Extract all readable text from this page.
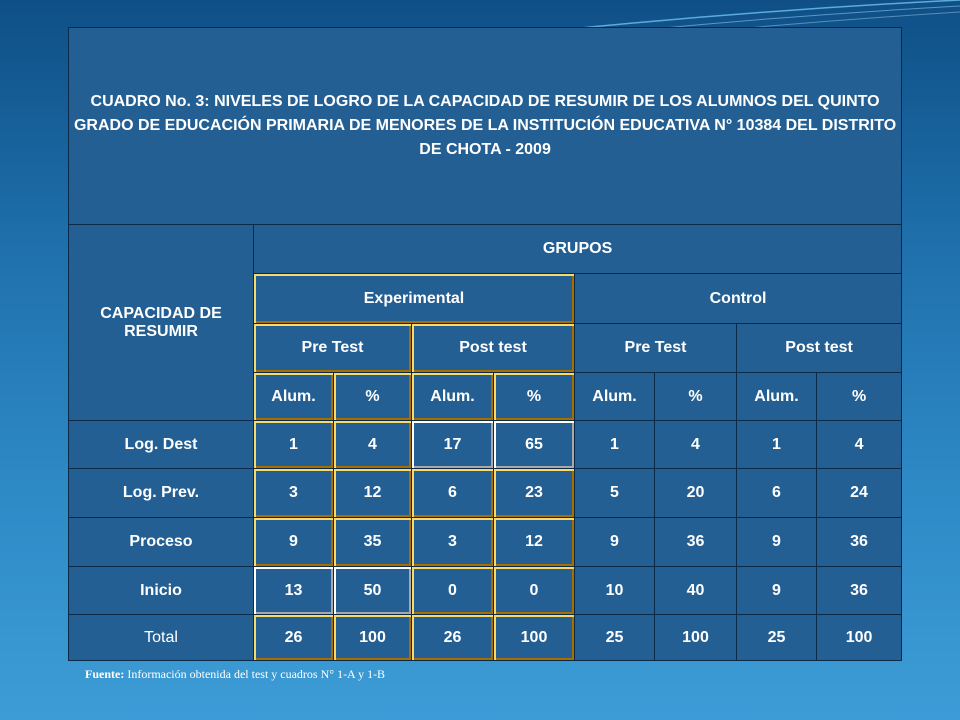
CUADRO No. 3: NIVELES DE LOGRO DE LA CAPACIDAD DE RESUMIR DE LOS ALUMNOS DEL QUINTO GRADO DE EDUCACIÓN PRIMARIA DE MENORES DE LA INSTITUCIÓN EDUCATIVA N° 10384 DEL DISTRITO DE CHOTA - 2009								
CAPACIDAD DE RESUMIR	GRUPOS							
	Experimental				Control			
	Pre Test		Post test		Pre Test		Post test	
	Alum.	%	Alum.	%	Alum.	%	Alum.	%
Log. Dest	1	4	17	65	1	4	1	4
Log. Prev.	3	12	6	23	5	20	6	24
Proceso	9	35	3	12	9	36	9	36
Inicio	13	50	0	0	10	40	9	36
Total	26	100	26	100	25	100	25	100
Fuente: Información obtenida del test y cuadros N° 1-A y 1-B
